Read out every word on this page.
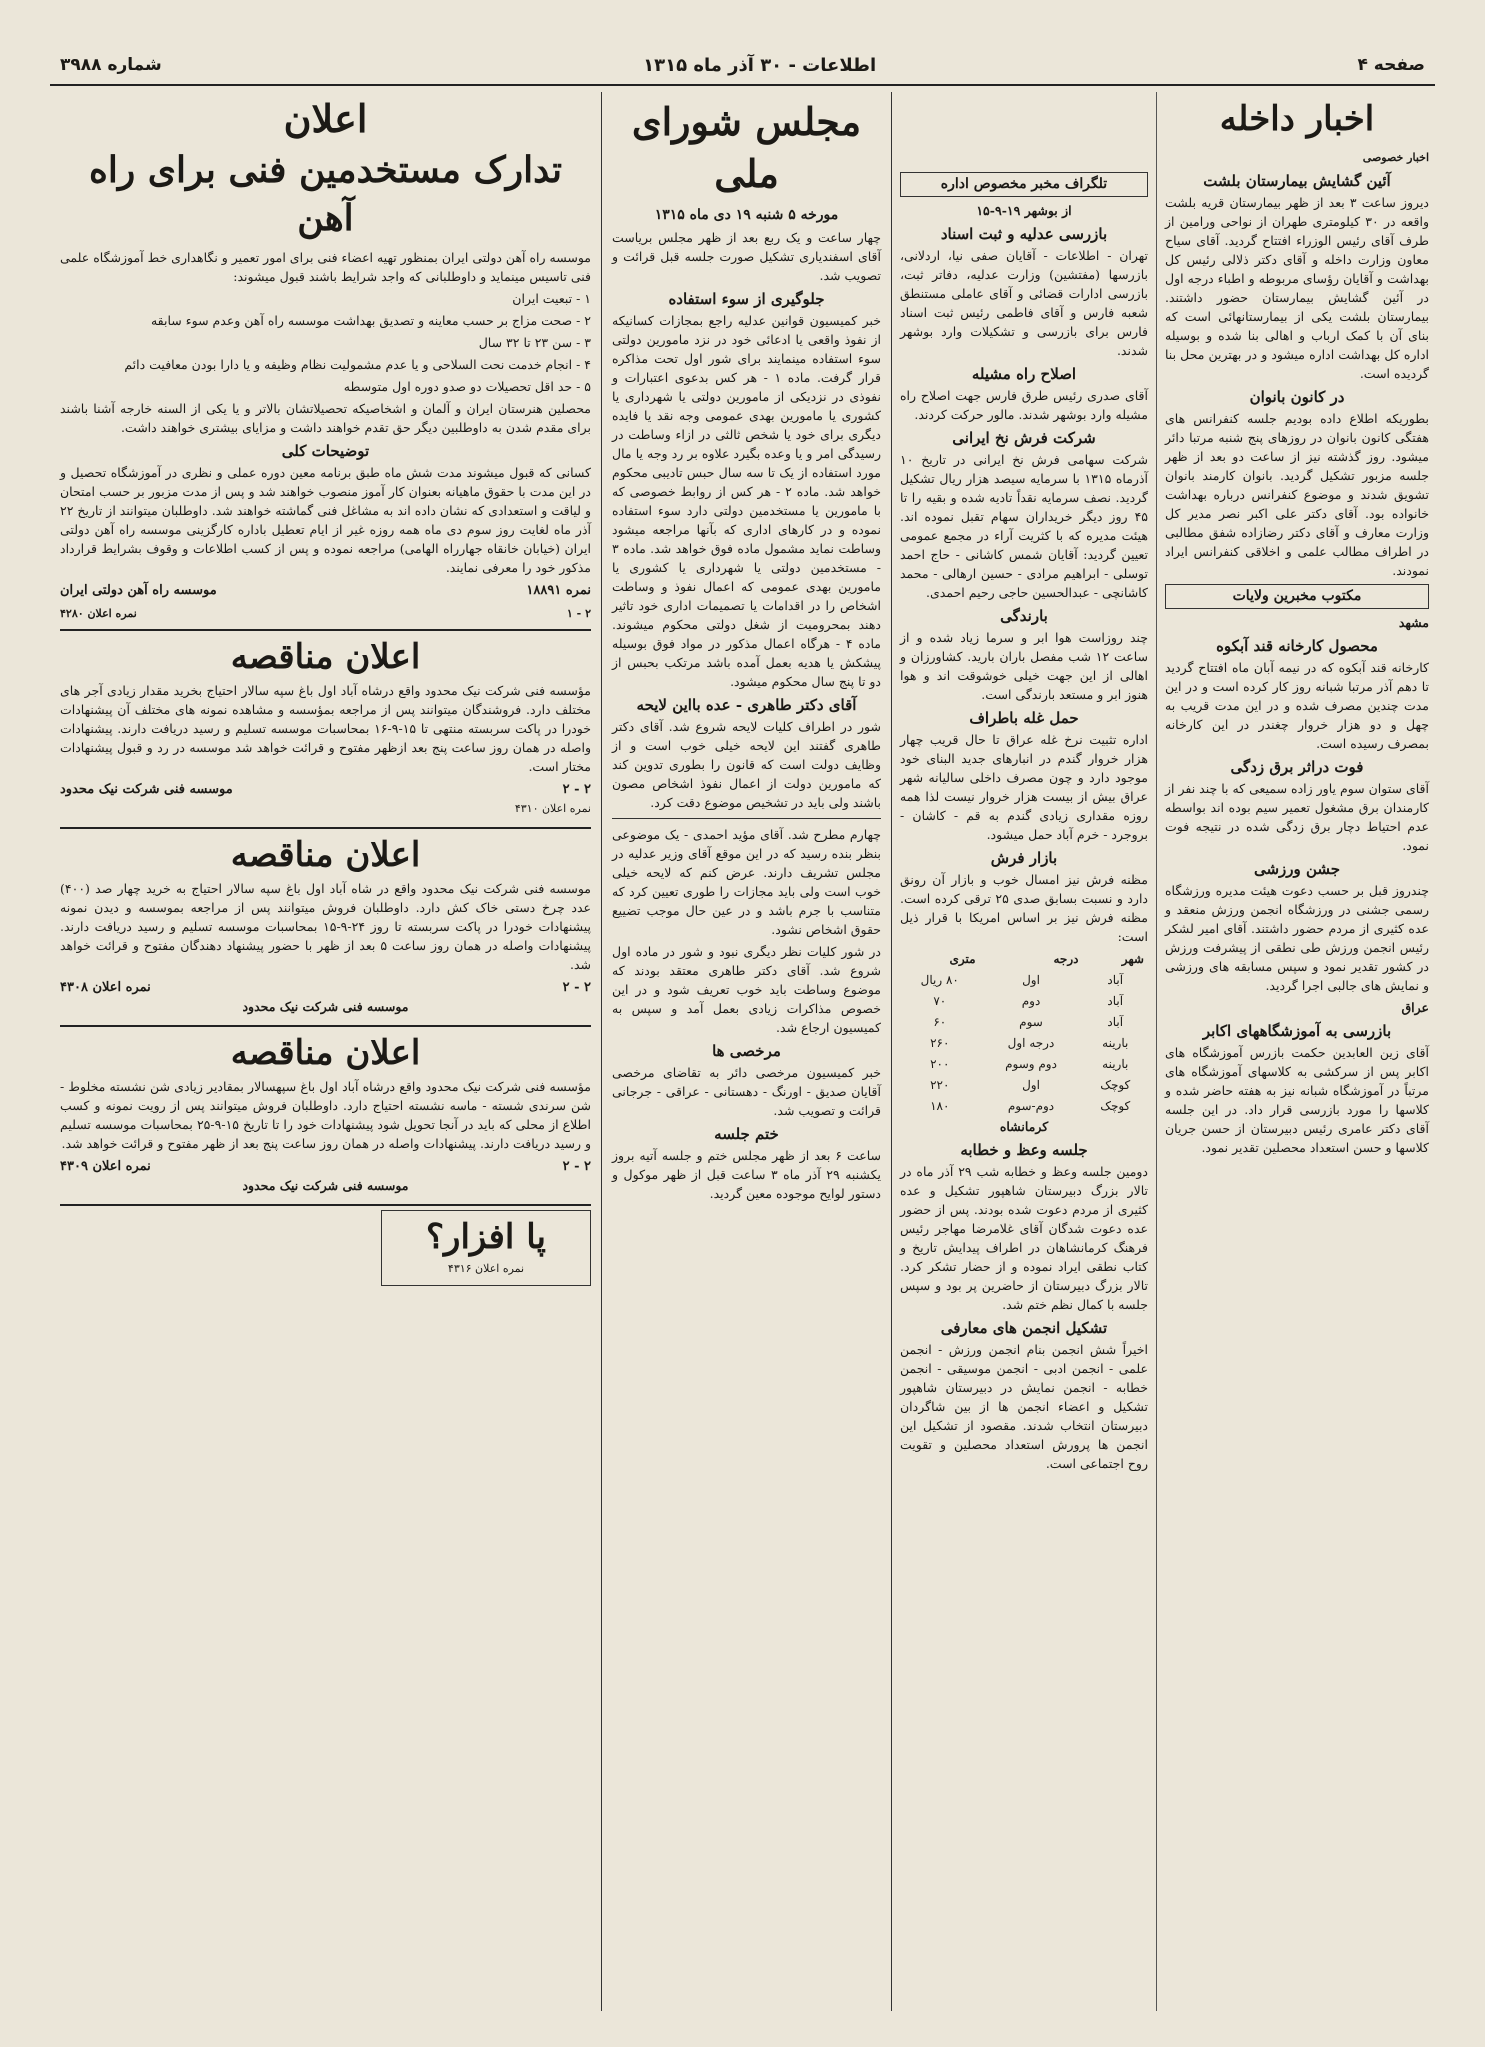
صفحه ۴
اطلاعات - ۳۰ آذر ماه ۱۳۱۵
شماره ۳۹۸۸
اخبار داخله

اخبار خصوصی

آئین گشایش بیمارستان بلشت

دیروز ساعت ۳ بعد از ظهر بیمارستان قریه بلشت واقعه در ۳۰ کیلومتری طهران از نواحی ورامین از طرف آقای رئیس الوزراء افتتاح گردید. آقای سیاح معاون وزارت داخله و آقای دکتر ذلالی رئیس کل بهداشت و آقایان رؤسای مربوطه و اطباء درجه اول در آئین گشایش بیمارستان حضور داشتند. بیمارستان بلشت یکی از بیمارستانهائی است که بنای آن با کمک ارباب و اهالی بنا شده و بوسیله اداره کل بهداشت اداره میشود و در بهترین محل بنا گردیده است.

در کانون بانوان

بطوریکه اطلاع داده بودیم جلسه کنفرانس های هفتگی کانون بانوان در روزهای پنج شنبه مرتبا دائر میشود. روز گذشته نیز از ساعت دو بعد از ظهر جلسه مزبور تشکیل گردید. بانوان کارمند بانوان تشویق شدند و موضوع کنفرانس درباره بهداشت خانواده بود. آقای دکتر علی اکبر نصر مدیر کل وزارت معارف و آقای دکتر رضازاده شفق مطالبی در اطراف مطالب علمی و اخلاقی کنفرانس ایراد نمودند.

مکتوب مخبرین ولایات

مشهد

محصول کارخانه قند آبکوه

کارخانه قند آبکوه که در نیمه آبان ماه افتتاح گردید تا دهم آذر مرتبا شبانه روز کار کرده است و در این مدت چندین مصرف شده و در این مدت قریب به چهل و دو هزار خروار چغندر در این کارخانه بمصرف رسیده است.

فوت دراثر برق زدگی

آقای ستوان سوم یاور زاده سمیعی که با چند نفر از کارمندان برق مشغول تعمیر سیم بوده اند بواسطه عدم احتیاط دچار برق زدگی شده در نتیجه فوت نمود.

جشن ورزشی

چندروز قبل بر حسب دعوت هیئت مدیره ورزشگاه رسمی جشنی در ورزشگاه انجمن ورزش منعقد و عده کثیری از مردم حضور داشتند. آقای امیر لشکر رئیس انجمن ورزش طی نطقی از پیشرفت ورزش در کشور تقدیر نمود و سپس مسابقه های ورزشی و نمایش های جالبی اجرا گردید.

عراق

بازرسی به آموزشگاههای اکابر

آقای زین العابدین حکمت بازرس آموزشگاه های اکابر پس از سرکشی به کلاسهای آموزشگاه های مرتباً در آموزشگاه شبانه نیز به هفته حاضر شده و کلاسها را مورد بازرسی قرار داد. در این جلسه آقای دکتر عامری رئیس دبیرستان از حسن جریان کلاسها و حسن استعداد محصلین تقدیر نمود.

تلگراف مخبر مخصوص اداره

از بوشهر ۱۹-۹-۱۵

بازرسی عدلیه و ثبت اسناد

تهران - اطلاعات - آقایان صفی نیا، اردلانی، بازرسها (مفتشین) وزارت عدلیه، دفاتر ثبت، بازرسی ادارات قضائی و آقای عاملی مستنطق شعبه فارس و آقای فاطمی رئیس ثبت اسناد فارس برای بازرسی و تشکیلات وارد بوشهر شدند.

اصلاح راه مشیله

آقای صدری رئیس طرق فارس جهت اصلاح راه مشیله وارد بوشهر شدند. مالور حرکت کردند.

شرکت فرش نخ ایرانی

شرکت سهامی فرش نخ ایرانی در تاریخ ۱۰ آذرماه ۱۳۱۵ با سرمایه سیصد هزار ریال تشکیل گردید. نصف سرمایه نقداً تادیه شده و بقیه را تا ۴۵ روز دیگر خریداران سهام تقبل نموده اند. هیئت مدیره که با کثریت آراء در مجمع عمومی تعیین گردید: آقایان شمس کاشانی - حاج احمد توسلی - ابراهیم مرادی - حسین ارهالی - محمد کاشانچی - عبدالحسین حاجی رحیم احمدی.

بارندگی

چند روزاست هوا ابر و سرما زیاد شده و از ساعت ۱۲ شب مفصل باران بارید. کشاورزان و اهالی از این جهت خیلی خوشوقت اند و هوا هنوز ابر و مستعد بارندگی است.

حمل غله باطراف

اداره تثبیت نرخ غله عراق تا حال قریب چهار هزار خروار گندم در انبارهای جدید البنای خود موجود دارد و چون مصرف داخلی سالیانه شهر عراق بیش از بیست هزار خروار نیست لذا همه روزه مقداری زیادی گندم به قم - کاشان - بروجرد - خرم آباد حمل میشود.

بازار فرش

مظنه فرش نیز امسال خوب و بازار آن رونق دارد و نسبت بسابق صدی ۲۵ ترقی کرده است. مظنه فرش نیز بر اساس امریکا با قرار ذیل است:

شهر	درجه	متری
آباد	اول	۸۰ ریال
آباد	دوم	۷۰
آباد	سوم	۶۰
بارینه	درجه اول	۲۶۰
بارینه	دوم وسوم	۲۰۰
کوچک	اول	۲۲۰
کوچک	دوم-سوم	۱۸۰

کرمانشاه

جلسه وعظ و خطابه

دومین جلسه وعظ و خطابه شب ۲۹ آذر ماه در تالار بزرگ دبیرستان شاهپور تشکیل و عده کثیری از مردم دعوت شده بودند. پس از حضور عده دعوت شدگان آقای غلامرضا مهاجر رئیس فرهنگ کرمانشاهان در اطراف پیدایش تاریخ و کتاب نطقی ایراد نموده و از حضار تشکر کرد. تالار بزرگ دبیرستان از حاضرین پر بود و سپس جلسه با کمال نظم ختم شد.

تشکیل انجمن های معارفی

اخیراً شش انجمن بنام انجمن ورزش - انجمن علمی - انجمن ادبی - انجمن موسیقی - انجمن خطابه - انجمن نمایش در دبیرستان شاهپور تشکیل و اعضاء انجمن ها از بین شاگردان دبیرستان انتخاب شدند. مقصود از تشکیل این انجمن ها پرورش استعداد محصلین و تقویت روح اجتماعی است.

مجلس شورای ملی

مورخه ۵ شنبه ۱۹ دی ماه ۱۳۱۵

چهار ساعت و یک ربع بعد از ظهر مجلس بریاست آقای اسفندیاری تشکیل صورت جلسه قبل قرائت و تصویب شد.

جلوگیری از سوء استفاده

خبر کمیسیون قوانین عدلیه راجع بمجازات کسانیکه از نفوذ واقعی یا ادعائی خود در نزد مامورین دولتی سوء استفاده مینمایند برای شور اول تحت مذاکره قرار گرفت. ماده ۱ - هر کس بدعوی اعتبارات و نفوذی در نزدیکی از مامورین دولتی یا شهرداری یا کشوری یا مامورین بهدی عمومی وجه نقد یا فایده دیگری برای خود یا شخص ثالثی در ازاء وساطت در رسیدگی امر و یا وعده بگیرد علاوه بر رد وجه یا مال مورد استفاده از یک تا سه سال حبس تادیبی محکوم خواهد شد. ماده ۲ - هر کس از روابط خصوصی که با مامورین یا مستخدمین دولتی دارد سوء استفاده نموده و در کارهای اداری که بآنها مراجعه میشود وساطت نماید مشمول ماده فوق خواهد شد. ماده ۳ - مستخدمین دولتی یا شهرداری یا کشوری یا مامورین بهدی عمومی که اعمال نفوذ و وساطت اشخاص را در اقدامات یا تصمیمات اداری خود تاثیر دهند بمحرومیت از شغل دولتی محکوم میشوند. ماده ۴ - هرگاه اعمال مذکور در مواد فوق بوسیله پیشکش یا هدیه بعمل آمده باشد مرتکب بحبس از دو تا پنج سال محکوم میشود.

آقای دکتر طاهری - عده بااین لایحه

شور در اطراف کلیات لایحه شروع شد. آقای دکتر طاهری گفتند این لایحه خیلی خوب است و از وظایف دولت است که قانون را بطوری تدوین کند که مامورین دولت از اعمال نفوذ اشخاص مصون باشند ولی باید در تشخیص موضوع دقت کرد.

چهارم مطرح شد. آقای مؤید احمدی - یک موضوعی بنظر بنده رسید که در این موقع آقای وزیر عدلیه در مجلس تشریف دارند. عرض کنم که لایحه خیلی خوب است ولی باید مجازات را طوری تعیین کرد که متناسب با جرم باشد و در عین حال موجب تضییع حقوق اشخاص نشود.

در شور کلیات نظر دیگری نبود و شور در ماده اول شروع شد. آقای دکتر طاهری معتقد بودند که موضوع وساطت باید خوب تعریف شود و در این خصوص مذاکرات زیادی بعمل آمد و سپس به کمیسیون ارجاع شد.

مرخصی ها

خبر کمیسیون مرخصی دائر به تقاضای مرخصی آقایان صدیق - اورنگ - دهستانی - عراقی - جرجانی قرائت و تصویب شد.

ختم جلسه

ساعت ۶ بعد از ظهر مجلس ختم و جلسه آتیه بروز یکشنبه ۲۹ آذر ماه ۳ ساعت قبل از ظهر موکول و دستور لوایح موجوده معین گردید.

اعلان
تدارک مستخدمین فنی برای راه آهن

موسسه راه آهن دولتی ایران بمنظور تهیه اعضاء فنی برای امور تعمیر و نگاهداری خط آموزشگاه علمی فنی تاسیس مینماید و داوطلبانی که واجد شرایط باشند قبول میشوند:

۱ - تبعیت ایران

۲ - صحت مزاج بر حسب معاینه و تصدیق بهداشت موسسه راه آهن وعدم سوء سابقه

۳ - سن ۲۳ تا ۳۲ سال

۴ - انجام خدمت نحت السلاحی و یا عدم مشمولیت نظام وظیفه و یا دارا بودن معافیت دائم

۵ - حد اقل تحصیلات دو صدو دوره اول متوسطه

محصلین هنرستان ایران و آلمان و اشخاصیکه تحصیلاتشان بالاتر و یا یکی از السنه خارجه آشنا باشند برای مقدم شدن به داوطلبین دیگر حق تقدم خواهند داشت و مزایای بیشتری خواهند داشت.

توضیحات کلی

کسانی که قبول میشوند مدت شش ماه طبق برنامه معین دوره عملی و نظری در آموزشگاه تحصیل و در این مدت با حقوق ماهیانه بعنوان کار آموز منصوب خواهند شد و پس از مدت مزبور بر حسب امتحان و لیاقت و استعدادی که نشان داده اند به مشاغل فنی گماشته خواهند شد. داوطلبان میتوانند از تاریخ ۲۲ آذر ماه لغایت روز سوم دی ماه همه روزه غیر از ایام تعطیل باداره کارگزینی موسسه راه آهن دولتی ایران (خیابان خانقاه جهارراه الهامی) مراجعه نموده و پس از کسب اطلاعات و وقوف بشرایط قرارداد مذکور خود را معرفی نمایند.

نمره ۱۸۸۹۱
موسسه راه آهن دولتی ایران
۲ - ۱
نمره اعلان ۴۲۸۰
اعلان مناقصه

مؤسسه فنی شرکت نیک محدود واقع درشاه آباد اول باغ سپه سالار احتیاج بخرید مقدار زیادی آجر های مختلف دارد. فروشندگان میتوانند پس از مراجعه بمؤسسه و مشاهده نمونه های مختلف آن پیشنهادات خودرا در پاکت سربسته منتهی تا ۱۵-۹-۱۶ بمحاسبات موسسه تسلیم و رسید دریافت دارند. پیشنهادات واصله در همان روز ساعت پنج بعد ازظهر مفتوح و قرائت خواهد شد موسسه در رد و قبول پیشنهادات مختار است.

۲ - ۲
موسسه فنی شرکت نیک محدود

نمره اعلان ۴۳۱۰

اعلان مناقصه

موسسه فنی شرکت نیک محدود واقع در شاه آباد اول باغ سپه سالار احتیاج به خرید چهار صد (۴۰۰) عدد چرخ دستی خاک کش دارد. داوطلبان فروش میتوانند پس از مراجعه بموسسه و دیدن نمونه پیشنهادات خودرا در پاکت سربسته تا روز ۲۴-۹-۱۵ بمحاسبات موسسه تسلیم و رسید دریافت دارند. پیشنهادات واصله در همان روز ساعت ۵ بعد از ظهر با حضور پیشنهاد دهندگان مفتوح و قرائت خواهد شد.

۲ - ۲
نمره اعلان ۴۳۰۸

موسسه فنی شرکت نیک محدود

اعلان مناقصه

مؤسسه فنی شرکت نیک محدود واقع درشاه آباد اول باغ سپهسالار بمقادیر زیادی شن نشسته مخلوط - شن سرندی شسته - ماسه نشسته احتیاج دارد. داوطلبان فروش میتوانند پس از رویت نمونه و کسب اطلاع از محلی که باید در آنجا تحویل شود پیشنهادات خود را تا تاریخ ۱۵-۹-۲۵ بمحاسبات موسسه تسلیم و رسید دریافت دارند. پیشنهادات واصله در همان روز ساعت پنج بعد از ظهر مفتوح و قرائت خواهد شد.

۲ - ۲
نمره اعلان ۴۳۰۹

موسسه فنی شرکت نیک محدود

پا افزار؟

نمره اعلان ۴۳۱۶
